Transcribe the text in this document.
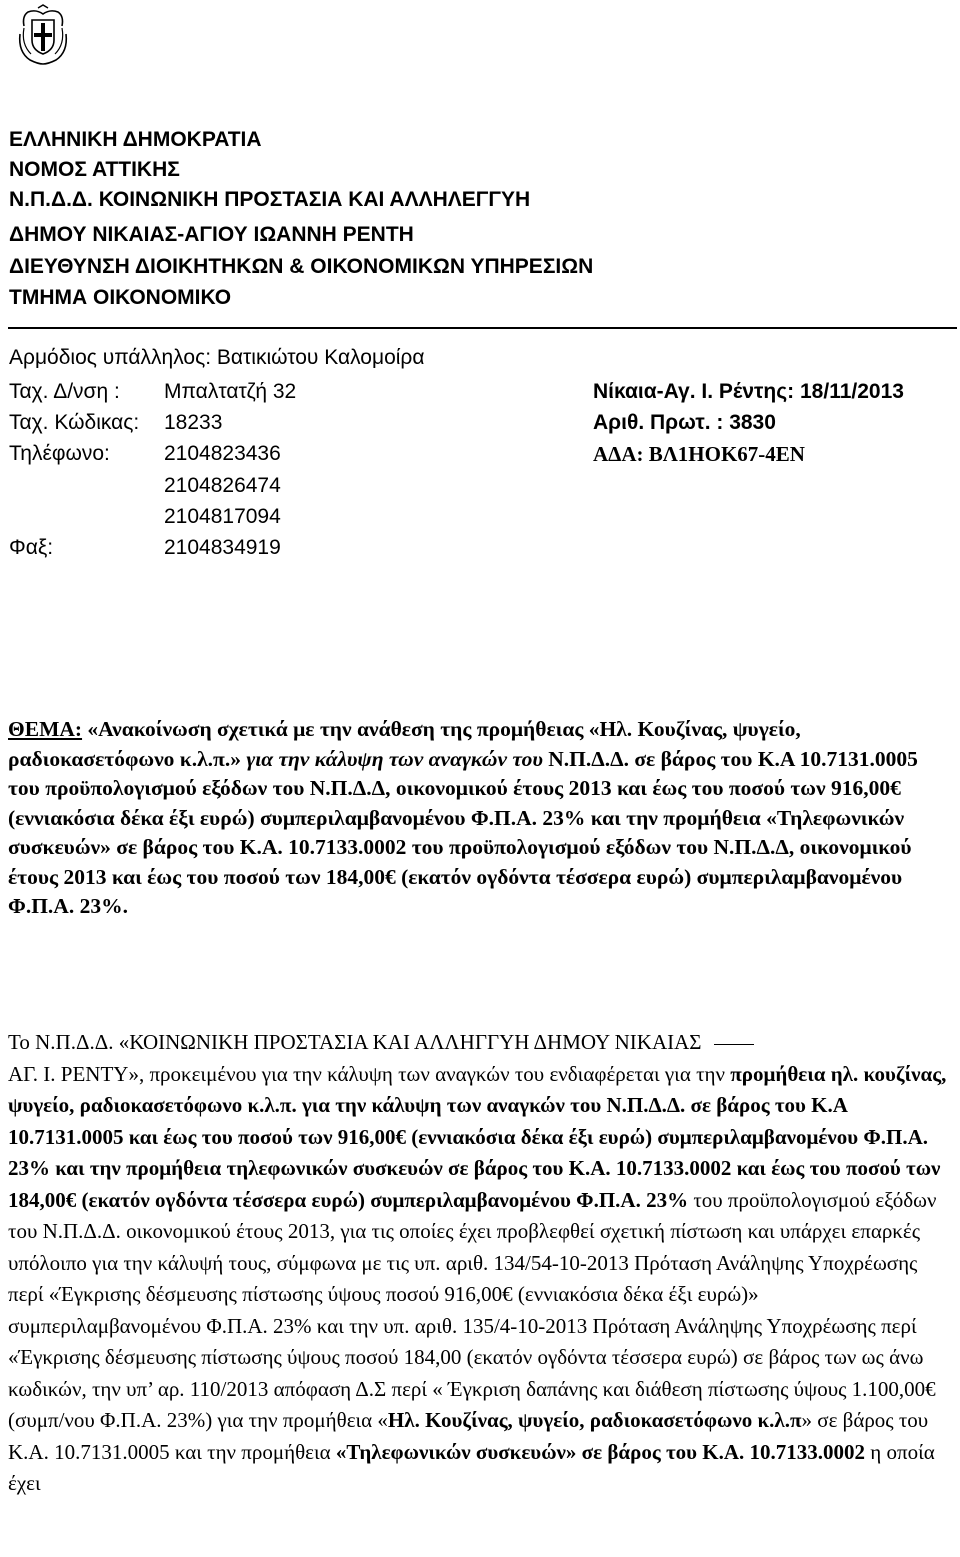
ΕΛΛΗΝΙΚΗ ΔΗΜΟΚΡΑΤΙΑ
ΝΟΜΟΣ ΑΤΤΙΚΗΣ
Ν.Π.Δ.Δ. ΚΟΙΝΩΝΙΚΗ ΠΡΟΣΤΑΣΙΑ ΚΑΙ ΑΛΛΗΛΕΓΓΥΗ
ΔΗΜΟΥ ΝΙΚΑΙΑΣ-ΑΓΙΟΥ ΙΩΑΝΝΗ ΡΕΝΤΗ
ΔΙΕΥΘΥΝΣΗ ΔΙΟΙΚΗΤΗΚΩΝ & ΟΙΚΟΝΟΜΙΚΩΝ ΥΠΗΡΕΣΙΩΝ
ΤΜΗΜΑ ΟΙΚΟΝΟΜΙΚΟ
Αρμόδιος υπάλληλος: Βατικιώτου Καλομοίρα
Ταχ. Δ/νση : Μπαλτατζή 32
Ταχ. Κώδικας: 18233
Τηλέφωνο:	2104823436
2104826474
2104817094
Φαξ:	2104834919
Νίκαια-Αγ. Ι. Ρέντης: 18/11/2013
Αριθ. Πρωτ. : 3830
ΑΔΑ: ΒΛ1ΗΟΚ67-4ΕΝ
ΘΕΜΑ: «Ανακοίνωση σχετικά με την ανάθεση της προμήθειας «Ηλ. Κουζίνας, ψυγείο, ραδιοκασετόφωνο κ.λ.π.» για την κάλυψη των αναγκών του Ν.Π.Δ.Δ. σε βάρος του Κ.Α 10.7131.0005 του προϋπολογισμού εξόδων του Ν.Π.Δ.Δ, οικονομικού έτους 2013 και έως του ποσού των 916,00€ (εννιακόσια δέκα έξι ευρώ) συμπεριλαμβανομένου Φ.Π.Α. 23% και την προμήθεια «Τηλεφωνικών συσκευών» σε βάρος του Κ.Α. 10.7133.0002 του προϋπολογισμού εξόδων του Ν.Π.Δ.Δ, οικονομικού έτους 2013 και έως του ποσού των 184,00€ (εκατόν ογδόντα τέσσερα ευρώ) συμπεριλαμβανομένου Φ.Π.Α. 23%.
Το Ν.Π.Δ.Δ. «ΚΟΙΝΩΝΙΚΗ ΠΡΟΣΤΑΣΙΑ ΚΑΙ ΑΛΛΗΓΓΥΗ ΔΗΜΟΥ ΝΙΚΑΙΑΣ
ΑΓ. Ι. ΡΕΝΤΥ», προκειμένου για την κάλυψη των αναγκών του ενδιαφέρεται για την προμήθεια ηλ. κουζίνας, ψυγείο, ραδιοκασετόφωνο κ.λ.π. για την κάλυψη των αναγκών του Ν.Π.Δ.Δ. σε βάρος του Κ.Α 10.7131.0005 και έως του ποσού των 916,00€ (εννιακόσια δέκα έξι ευρώ) συμπεριλαμβανομένου Φ.Π.Α. 23% και την προμήθεια τηλεφωνικών συσκευών σε βάρος του Κ.Α. 10.7133.0002 και έως του ποσού των 184,00€ (εκατόν ογδόντα τέσσερα ευρώ) συμπεριλαμβανομένου Φ.Π.Α. 23% του προϋπολογισμού εξόδων του Ν.Π.Δ.Δ. οικονομικού έτους 2013, για τις οποίες έχει προβλεφθεί σχετική πίστωση και υπάρχει επαρκές υπόλοιπο για την κάλυψή τους, σύμφωνα με τις υπ. αριθ. 134/54-10-2013 Πρόταση Ανάληψης Υποχρέωσης περί «Έγκρισης δέσμευσης πίστωσης ύψους ποσού 916,00€ (εννιακόσια δέκα έξι ευρώ)» συμπεριλαμβανομένου Φ.Π.Α. 23% και την υπ. αριθ. 135/4-10-2013 Πρόταση Ανάληψης Υποχρέωσης περί «Έγκρισης δέσμευσης πίστωσης ύψους ποσού 184,00 (εκατόν ογδόντα τέσσερα ευρώ) σε βάρος των ως άνω κωδικών, την υπ’ αρ. 110/2013 απόφαση Δ.Σ περί « Έγκριση δαπάνης και διάθεση πίστωσης ύψους 1.100,00€ (συμπ/νου Φ.Π.Α. 23%) για την προμήθεια «Ηλ. Κουζίνας, ψυγείο, ραδιοκασετόφωνο κ.λ.π» σε βάρος του Κ.Α. 10.7131.0005 και την προμήθεια «Τηλεφωνικών συσκευών» σε βάρος του Κ.Α. 10.7133.0002 η οποία έχει
